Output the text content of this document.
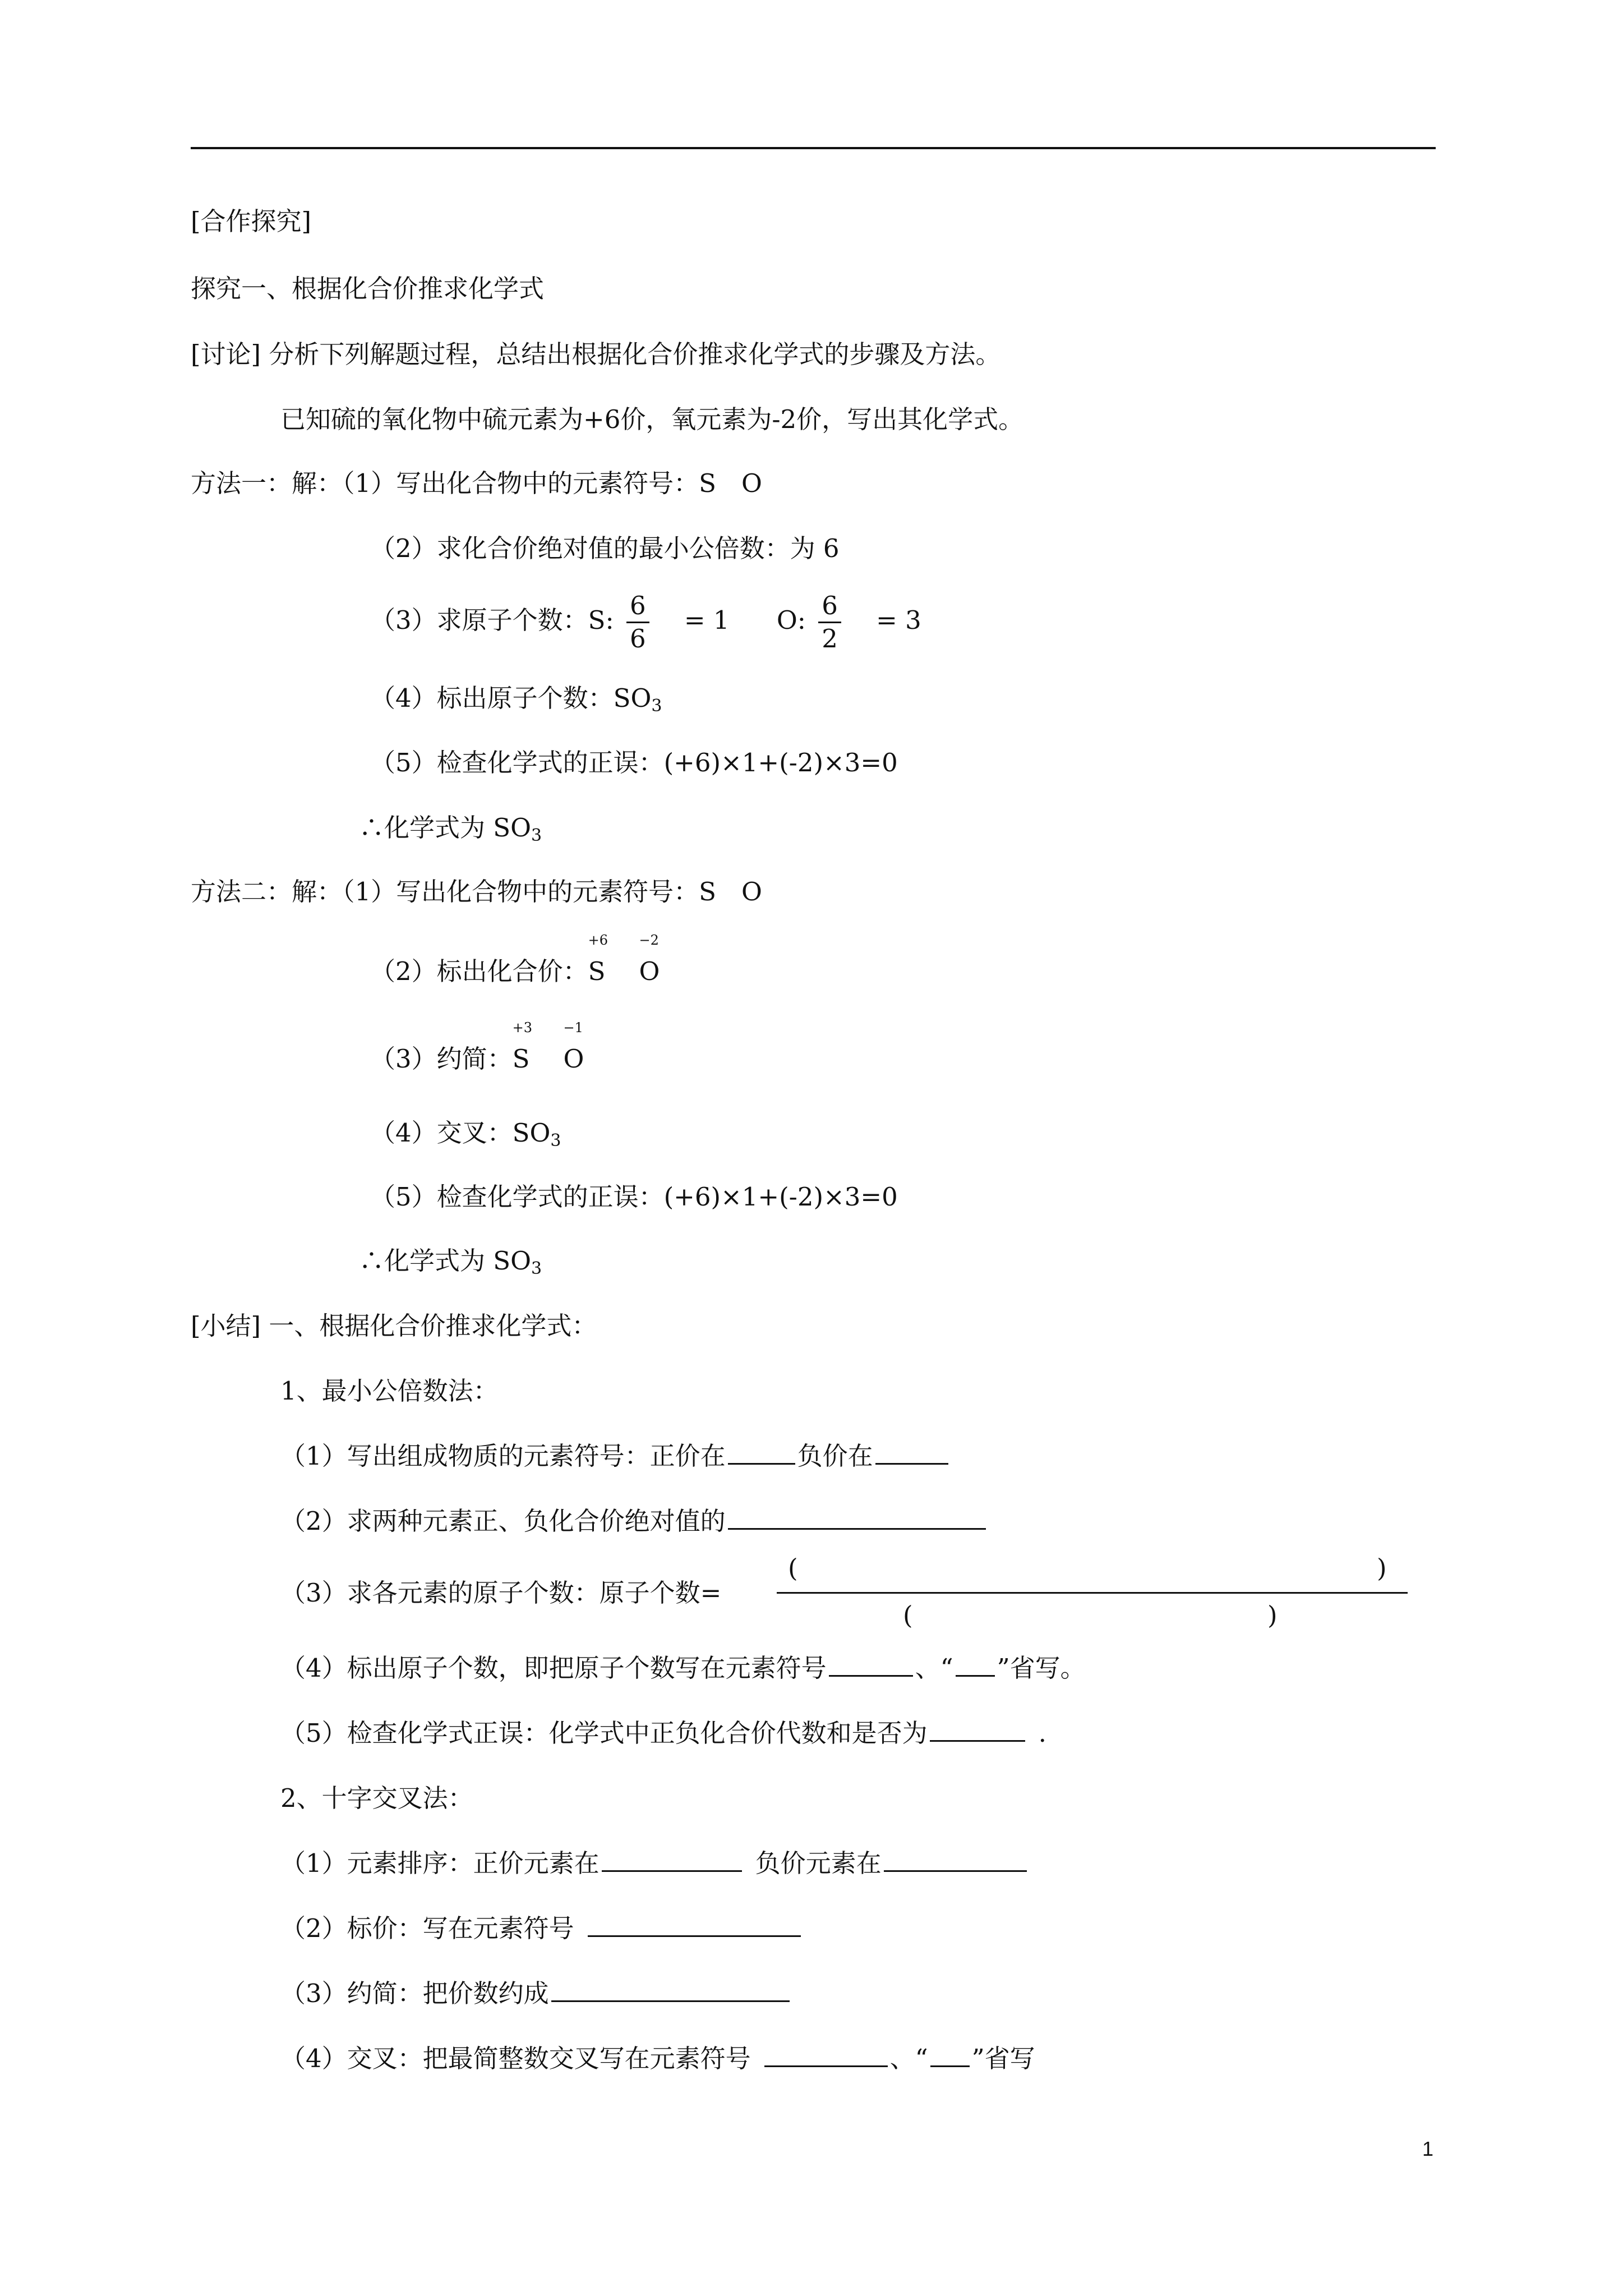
[合作探究]
探究一、根据化合价推求化学式
[讨论] 分析下列解题过程，总结出根据化合价推求化学式的步骤及方法。
已知硫的氧化物中硫元素为+6价，氧元素为-2价，写出其化学式。
方法一：解：（1）写出化合物中的元素符号：S　O
（2）求化合价绝对值的最小公倍数：为 6
（3）求原子个数：S: $\frac{6}{6} = 1$ O: $\frac{6}{2} = 3$
（4）标出原子个数：$SO_3$
（5）检查化学式的正误：(+6)×1+(-2)×3=0
∴化学式为 $SO_3$
方法二：解：（1）写出化合物中的元素符号：S　O
（2）标出化合价：S
+6
O
−2
（3）约简：S
+3
O
−1
（4）交叉：$SO_3$
（5）检查化学式的正误：(+6)×1+(-2)×3=0
∴化学式为 $SO_3$
[小结] 一、根据化合价推求化学式：
1、最小公倍数法：
（1）写出组成物质的元素符号：正价在	负价在
（2）求两种元素正、负化合价绝对值的
（3）求各元素的原子个数：原子个数=
(	)
(	)
（4）标出原子个数，即把原子个数写在元素符号	、“ ”省写。
（5）检查化学式正误：化学式中正负化合价代数和是否为	.
2、十字交叉法：
（1）元素排序：正价元素在	负价元素在
（2）标价：写在元素符号
（3）约简：把价数约成
（4）交叉：把最简整数交叉写在元素符号	、“ ”省写
1
